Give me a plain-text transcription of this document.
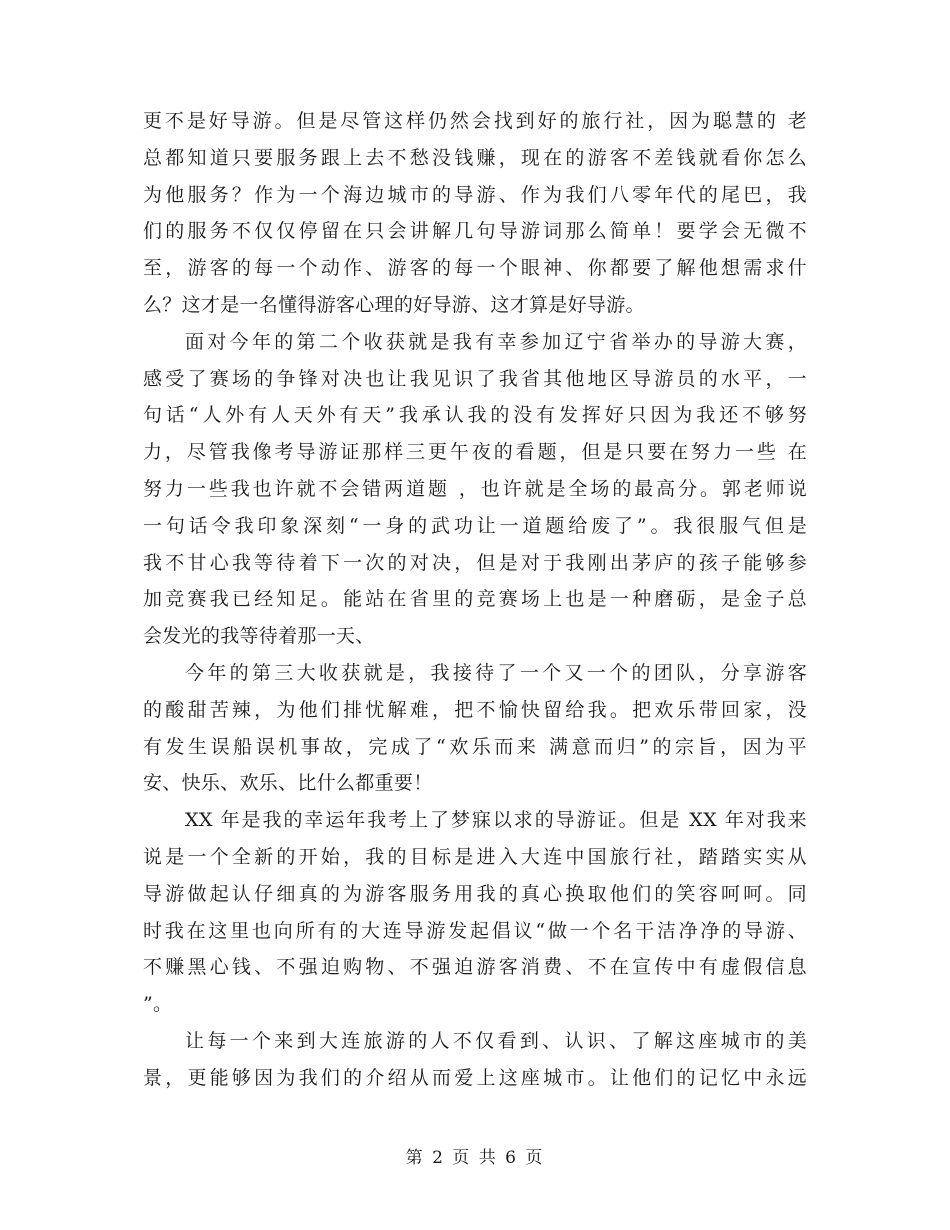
更不是好导游。但是尽管这样仍然会找到好的旅行社，因为聪慧的 老
总都知道只要服务跟上去不愁没钱赚，现在的游客不差钱就看你怎么
为他服务？作为一个海边城市的导游、作为我们八零年代的尾巴，我
们的服务不仅仅停留在只会讲解几句导游词那么简单！要学会无微不
至，游客的每一个动作、游客的每一个眼神、你都要了解他想需求什
么？这才是一名懂得游客心理的好导游、这才算是好导游。
面对今年的第二个收获就是我有幸参加辽宁省举办的导游大赛，
感受了赛场的争锋对决也让我见识了我省其他地区导游员的水平，一
句话“人外有人天外有天”我承认我的没有发挥好只因为我还不够努
力，尽管我像考导游证那样三更午夜的看题，但是只要在努力一些 在
努力一些我也许就不会错两道题 ，也许就是全场的最高分。郭老师说
一句话令我印象深刻“一身的武功让一道题给废了”。我很服气但是
我不甘心我等待着下一次的对决，但是对于我刚出茅庐的孩子能够参
加竞赛我已经知足。能站在省里的竞赛场上也是一种磨砺，是金子总
会发光的我等待着那一天、
今年的第三大收获就是，我接待了一个又一个的团队，分享游客
的酸甜苦辣，为他们排忧解难，把不愉快留给我。把欢乐带回家，没
有发生误船误机事故，完成了“欢乐而来 满意而归”的宗旨，因为平
安、快乐、欢乐、比什么都重要！
XX 年是我的幸运年我考上了梦寐以求的导游证。但是 XX 年对我来
说是一个全新的开始，我的目标是进入大连中国旅行社，踏踏实实从
导游做起认仔细真的为游客服务用我的真心换取他们的笑容呵呵。同
时我在这里也向所有的大连导游发起倡议“做一个名干洁净净的导游、
不赚黑心钱、不强迫购物、不强迫游客消费、不在宣传中有虚假信息
”。
让每一个来到大连旅游的人不仅看到、认识、了解这座城市的美
景，更能够因为我们的介绍从而爱上这座城市。让他们的记忆中永远
第 2 页 共 6 页
